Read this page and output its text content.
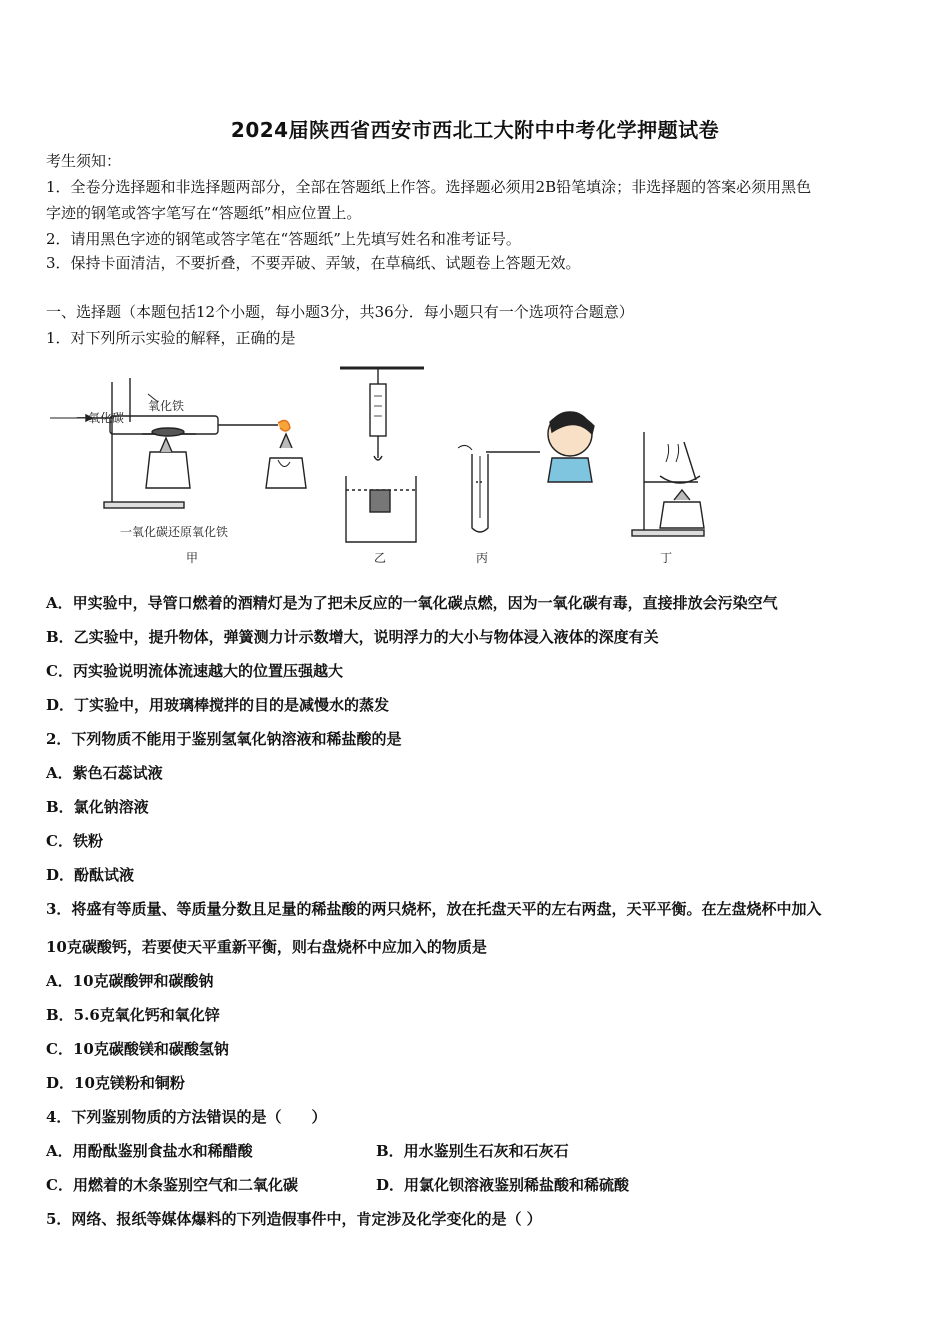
2024届陕西省西安市西北工大附中中考化学押题试卷
考生须知：
1．全卷分选择题和非选择题两部分，全部在答题纸上作答。选择题必须用2B铅笔填涂；非选择题的答案必须用黑色
字迹的钢笔或答字笔写在“答题纸”相应位置上。
2．请用黑色字迹的钢笔或答字笔在“答题纸”上先填写姓名和准考证号。
3．保持卡面清洁，不要折叠，不要弄破、弄皱，在草稿纸、试题卷上答题无效。
一、选择题（本题包括12个小题，每小题3分，共36分．每小题只有一个选项符合题意）
1．对下列所示实验的解释，正确的是
一氧化碳
氧化铁
一氧化碳还原氧化铁
甲	乙	丙	丁
A．甲实验中，导管口燃着的酒精灯是为了把未反应的一氧化碳点燃，因为一氧化碳有毒，直接排放会污染空气
B．乙实验中，提升物体，弹簧测力计示数增大，说明浮力的大小与物体浸入液体的深度有关
C．丙实验说明流体流速越大的位置压强越大
D．丁实验中，用玻璃棒搅拌的目的是减慢水的蒸发
2．下列物质不能用于鉴别氢氧化钠溶液和稀盐酸的是
A．紫色石蕊试液
B．氯化钠溶液
C．铁粉
D．酚酞试液
3．将盛有等质量、等质量分数且足量的稀盐酸的两只烧杯，放在托盘天平的左右两盘，天平平衡。在左盘烧杯中加入
10克碳酸钙，若要使天平重新平衡，则右盘烧杯中应加入的物质是
A．10克碳酸钾和碳酸钠
B．5.6克氧化钙和氧化锌
C．10克碳酸镁和碳酸氢钠
D．10克镁粉和铜粉
4．下列鉴别物质的方法错误的是（　　）
A．用酚酞鉴别食盐水和稀醋酸	B．用水鉴别生石灰和石灰石
C．用燃着的木条鉴别空气和二氧化碳	D．用氯化钡溶液鉴别稀盐酸和稀硫酸
5．网络、报纸等媒体爆料的下列造假事件中，肯定涉及化学变化的是（ ）
